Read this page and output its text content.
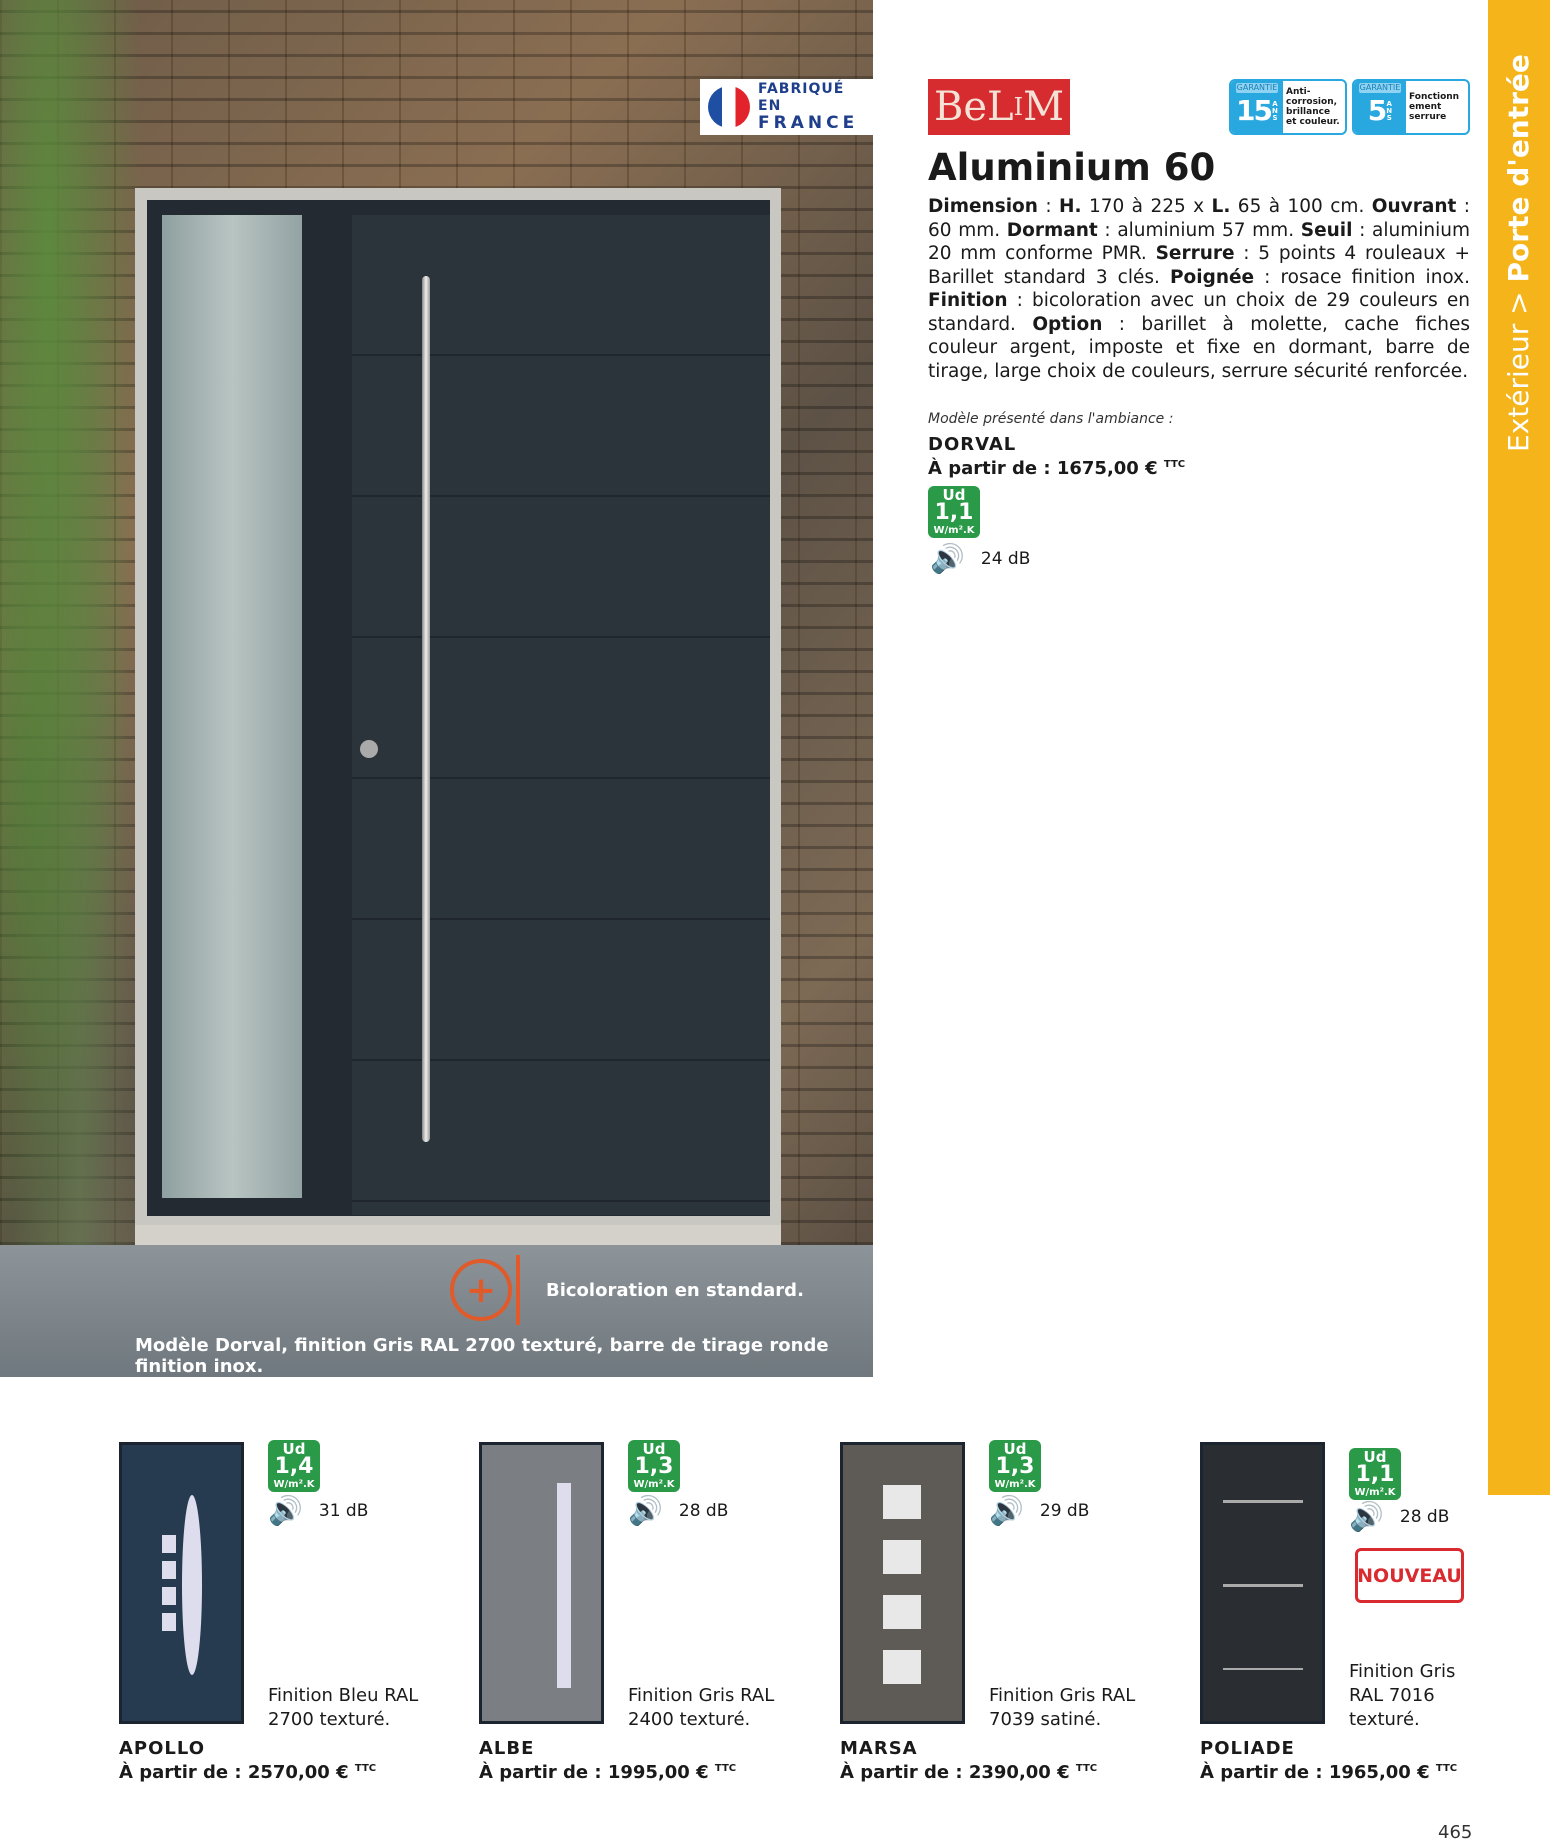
FABRIQUÉ EN
FRANCE
+	Bicoloration en standard.
Modèle Dorval, finition Gris RAL 2700 texturé, barre de tirage ronde finition inox.
BeL I M	GARANTIE
15 ANS
Anti-corrosion, brillance et couleur.
GARANTIE
5 ANS
Fonctionnement serrure
Aluminium 60

Dimension : H. 170 à 225 x L. 65 à 100 cm. Ouvrant : 60 mm. Dormant : aluminium 57 mm. Seuil : aluminium 20 mm conforme PMR. Serrure : 5 points 4 rouleaux + Barillet standard 3 clés. Poignée : rosace finition inox. Finition : bicoloration avec un choix de 29 couleurs en standard. Option : barillet à molette, cache fiches couleur argent, imposte et fixe en dormant, barre de tirage, large choix de couleurs, serrure sécurité renforcée.

Modèle présenté dans l'ambiance :
DORVAL
À partir de : 1675,00 € $^{TTC}$
Ud
1,1
W/m².K
🔊 24 dB
Ud
1,4
W/m².K
🔊 31 dB
Finition Bleu RAL 2700 texturé.
APOLLO
À partir de : 2570,00 € $^{TTC}$
Ud
1,3
W/m².K
🔊 28 dB
Finition Gris RAL 2400 texturé.
ALBE
À partir de : 1995,00 € $^{TTC}$
Ud
1,3
W/m².K
🔊 29 dB
Finition Gris RAL 7039 satiné.
MARSA
À partir de : 2390,00 € $^{TTC}$
Ud
1,1
W/m².K
🔊 28 dB
Finition Gris RAL 7016 texturé.
POLIADE
À partir de : 1965,00 € $^{TTC}$
NOUVEAU
Extérieur > Porte d'entrée
465
